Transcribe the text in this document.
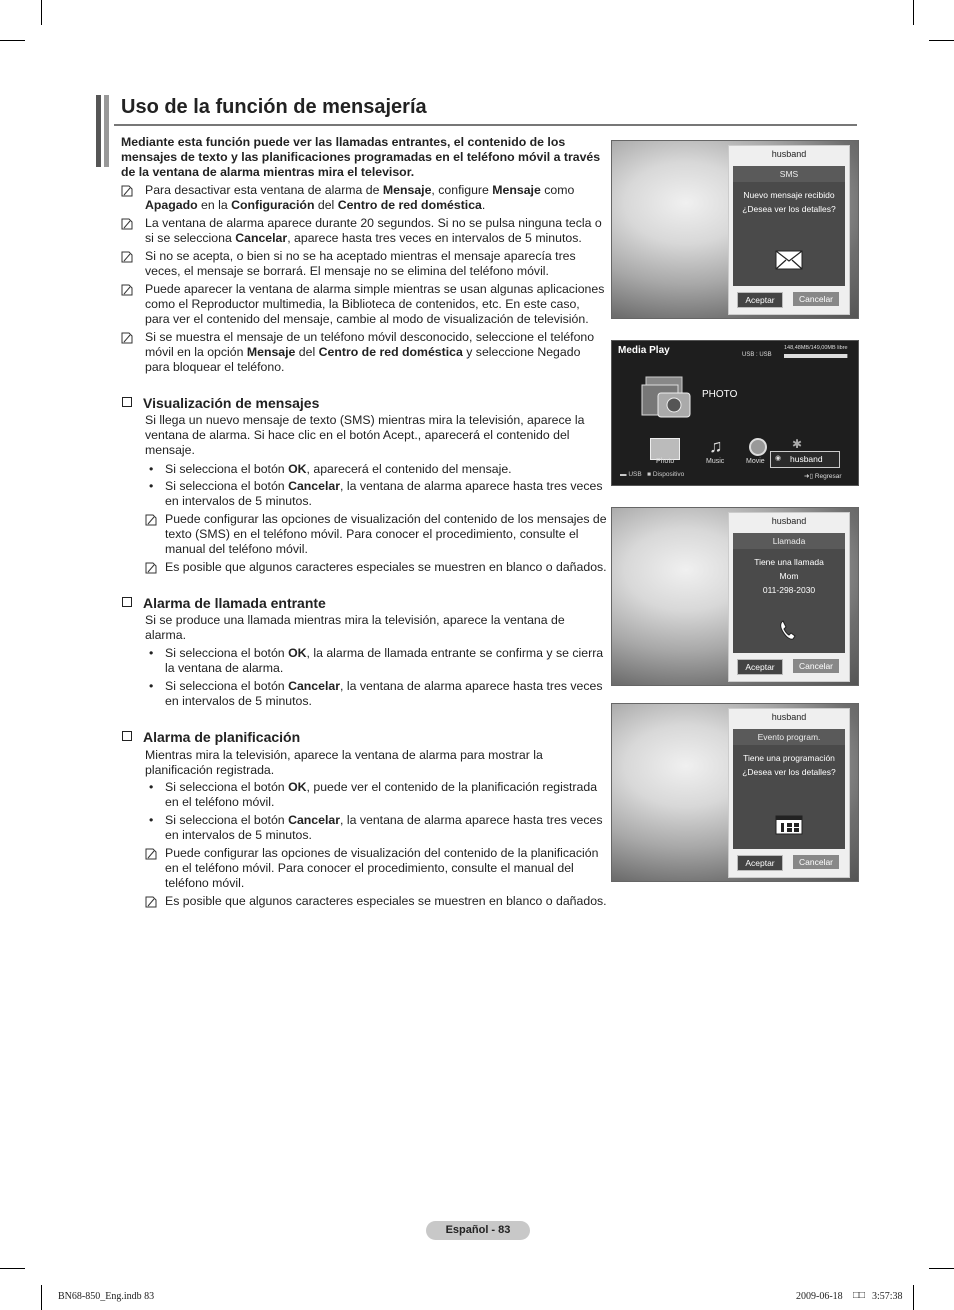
Uso de la función de mensajería
Mediante esta función puede ver las llamadas entrantes, el contenido de los mensajes de texto y las planificaciones programadas en el teléfono móvil a través de la ventana de alarma mientras mira el televisor.
Para desactivar esta ventana de alarma de Mensaje, configure Mensaje como Apagado en la Configuración del Centro de red doméstica.
La ventana de alarma aparece durante 20 segundos. Si no se pulsa ninguna tecla o si se selecciona Cancelar, aparece hasta tres veces en intervalos de 5 minutos.
Si no se acepta, o bien si no se ha aceptado mientras el mensaje aparecía tres veces, el mensaje se borrará. El mensaje no se elimina del teléfono móvil.
Puede aparecer la ventana de alarma simple mientras se usan algunas aplicaciones como el Reproductor multimedia, la Biblioteca de contenidos, etc. En este caso, para ver el contenido del mensaje, cambie al modo de visualización de televisión.
Si se muestra el mensaje de un teléfono móvil desconocido, seleccione el teléfono móvil en la opción Mensaje del Centro de red doméstica y seleccione Negado para bloquear el teléfono.
Visualización de mensajes
Si llega un nuevo mensaje de texto (SMS) mientras mira la televisión, aparece la ventana de alarma. Si hace clic en el botón Acept., aparecerá el contenido del mensaje.
• Si selecciona el botón OK, aparecerá el contenido del mensaje.
• Si selecciona el botón Cancelar, la ventana de alarma aparece hasta tres veces en intervalos de 5 minutos.
Puede configurar las opciones de visualización del contenido de los mensajes de texto (SMS) en el teléfono móvil. Para conocer el procedimiento, consulte el manual del teléfono móvil.
Es posible que algunos caracteres especiales se muestren en blanco o dañados.
Alarma de llamada entrante
Si se produce una llamada mientras mira la televisión, aparece la ventana de alarma.
• Si selecciona el botón OK, la alarma de llamada entrante se confirma y se cierra la ventana de alarma.
• Si selecciona el botón Cancelar, la ventana de alarma aparece hasta tres veces en intervalos de 5 minutos.
Alarma de planificación
Mientras mira la televisión, aparece la ventana de alarma para mostrar la planificación registrada.
• Si selecciona el botón OK, puede ver el contenido de la planificación registrada en el teléfono móvil.
• Si selecciona el botón Cancelar, la ventana de alarma aparece hasta tres veces en intervalos de 5 minutos.
Puede configurar las opciones de visualización del contenido de la planificación en el teléfono móvil. Para conocer el procedimiento, consulte el manual del teléfono móvil.
Es posible que algunos caracteres especiales se muestren en blanco o dañados.
husband
SMS
Nuevo mensaje recibido
¿Desea ver los detalles?
Aceptar	Cancelar
Media Play	USB : USB
148,48MB/149,00MB libre
PHOTO
Photo
♫
Music	Movie
✱
◉ husband
▬ USB ■ Dispositivo	➜▯ Regresar
husband
Llamada
Tiene una llamada
Mom
011-298-2030
Aceptar	Cancelar
husband
Evento program.
Tiene una programación
¿Desea ver los detalles?
Aceptar	Cancelar
Español - 83
BN68-850_Eng.indb 83	2009-06-18 □□ 3:57:38
